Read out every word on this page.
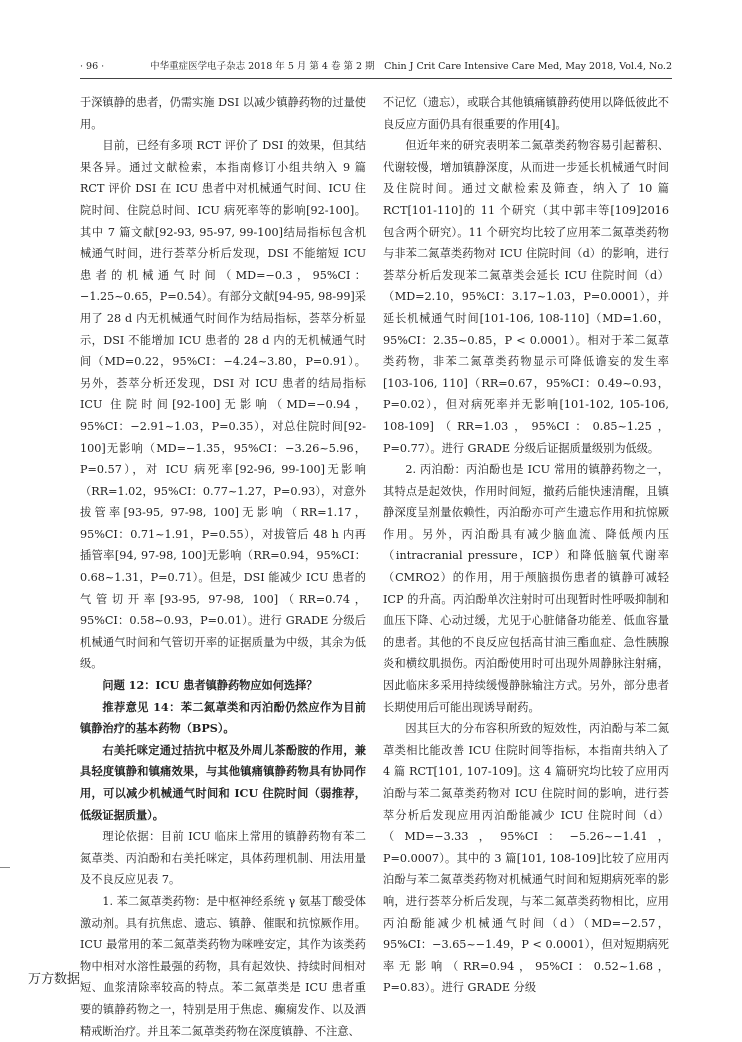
· 96 ·	中华重症医学电子杂志 2018 年 5 月 第 4 卷 第 2 期　Chin J Crit Care Intensive Care Med, May 2018, Vol.4, No.2

于深镇静的患者，仍需实施 DSI 以减少镇静药物的过量使用。

目前，已经有多项 RCT 评价了 DSI 的效果，但其结果各异。通过文献检索，本指南修订小组共纳入 9 篇 RCT 评价 DSI 在 ICU 患者中对机械通气时间、ICU 住院时间、住院总时间、ICU 病死率等的影响[92-100]。其中 7 篇文献[92-93, 95-97, 99-100]结局指标包含机械通气时间，进行荟萃分析后发现，DSI 不能缩短 ICU 患者的机械通气时间（MD=−0.3，95%CI：−1.25~0.65，P=0.54）。有部分文献[94-95, 98-99]采用了 28 d 内无机械通气时间作为结局指标，荟萃分析显示，DSI 不能增加 ICU 患者的 28 d 内的无机械通气时间（MD=0.22，95%CI：−4.24~3.80，P=0.91）。另外，荟萃分析还发现，DSI 对 ICU 患者的结局指标 ICU 住院时间[92-100]无影响（MD=−0.94，95%CI：−2.91~1.03，P=0.35），对总住院时间[92-100]无影响（MD=−1.35，95%CI：−3.26~5.96，P=0.57），对 ICU 病死率[92-96, 99-100]无影响（RR=1.02，95%CI：0.77~1.27，P=0.93），对意外拔管率[93-95, 97-98, 100]无影响（RR=1.17，95%CI：0.71~1.91，P=0.55），对拔管后 48 h 内再插管率[94, 97-98, 100]无影响（RR=0.94，95%CI：0.68~1.31，P=0.71）。但是，DSI 能减少 ICU 患者的气管切开率[93-95, 97-98, 100]（RR=0.74，95%CI：0.58~0.93，P=0.01）。进行 GRADE 分级后机械通气时间和气管切开率的证据质量为中级，其余为低级。

问题 12：ICU 患者镇静药物应如何选择？

推荐意见 14：苯二氮䓬类和丙泊酚仍然应作为目前镇静治疗的基本药物（BPS）。

右美托咪定通过拮抗中枢及外周儿茶酚胺的作用，兼具轻度镇静和镇痛效果，与其他镇痛镇静药物具有协同作用，可以减少机械通气时间和 ICU 住院时间（弱推荐，低级证据质量）。

理论依据：目前 ICU 临床上常用的镇静药物有苯二氮䓬类、丙泊酚和右美托咪定，具体药理机制、用法用量及不良反应见表 7。

1. 苯二氮䓬类药物：是中枢神经系统 γ 氨基丁酸受体激动剂。具有抗焦虑、遗忘、镇静、催眠和抗惊厥作用。ICU 最常用的苯二氮䓬类药物为咪唑安定，其作为该类药物中相对水溶性最强的药物，具有起效快、持续时间相对短、血浆清除率较高的特点。苯二氮䓬类是 ICU 患者重要的镇静药物之一，特别是用于焦虑、癫痫发作、以及酒精戒断治疗。并且苯二氮䓬类药物在深度镇静、不注意、

不记忆（遗忘），或联合其他镇痛镇静药使用以降低彼此不良反应方面仍具有很重要的作用[4]。

但近年来的研究表明苯二氮䓬类药物容易引起蓄积、代谢较慢，增加镇静深度，从而进一步延长机械通气时间及住院时间。通过文献检索及筛查，纳入了 10 篇 RCT[101-110]的 11 个研究（其中郭丰等[109]2016 包含两个研究）。11 个研究均比较了应用苯二氮䓬类药物与非苯二氮䓬类药物对 ICU 住院时间（d）的影响，进行荟萃分析后发现苯二氮䓬类会延长 ICU 住院时间（d）（MD=2.10，95%CI：3.17~1.03，P=0.0001），并延长机械通气时间[101-106, 108-110]（MD=1.60，95%CI：2.35~0.85，P < 0.0001）。相对于苯二氮䓬类药物，非苯二氮䓬类药物显示可降低谵妄的发生率[103-106, 110]（RR=0.67，95%CI：0.49~0.93，P=0.02），但对病死率并无影响[101-102, 105-106, 108-109]（RR=1.03，95%CI：0.85~1.25，P=0.77）。进行 GRADE 分级后证据质量级别为低级。

2. 丙泊酚：丙泊酚也是 ICU 常用的镇静药物之一，其特点是起效快，作用时间短，撤药后能快速清醒，且镇静深度呈剂量依赖性，丙泊酚亦可产生遗忘作用和抗惊厥作用。另外，丙泊酚具有减少脑血流、降低颅内压（intracranial pressure，ICP）和降低脑氧代谢率（CMRO2）的作用，用于颅脑损伤患者的镇静可减轻 ICP 的升高。丙泊酚单次注射时可出现暂时性呼吸抑制和血压下降、心动过缓，尤见于心脏储备功能差、低血容量的患者。其他的不良反应包括高甘油三酯血症、急性胰腺炎和横纹肌损伤。丙泊酚使用时可出现外周静脉注射痛，因此临床多采用持续缓慢静脉输注方式。另外，部分患者长期使用后可能出现诱导耐药。

因其巨大的分布容积所致的短效性，丙泊酚与苯二氮䓬类相比能改善 ICU 住院时间等指标，本指南共纳入了 4 篇 RCT[101, 107-109]。这 4 篇研究均比较了应用丙泊酚与苯二氮䓬类药物对 ICU 住院时间的影响，进行荟萃分析后发现应用丙泊酚能减少 ICU 住院时间（d）（MD=−3.33，95%CI：−5.26~−1.41，P=0.0007）。其中的 3 篇[101, 108-109]比较了应用丙泊酚与苯二氮䓬类药物对机械通气时间和短期病死率的影响，进行荟萃分析后发现，与苯二氮䓬类药物相比，应用丙泊酚能减少机械通气时间（d）（MD=−2.57，95%CI：−3.65~−1.49，P < 0.0001），但对短期病死率无影响（RR=0.94，95%CI：0.52~1.68，P=0.83）。进行 GRADE 分级

万方数据
